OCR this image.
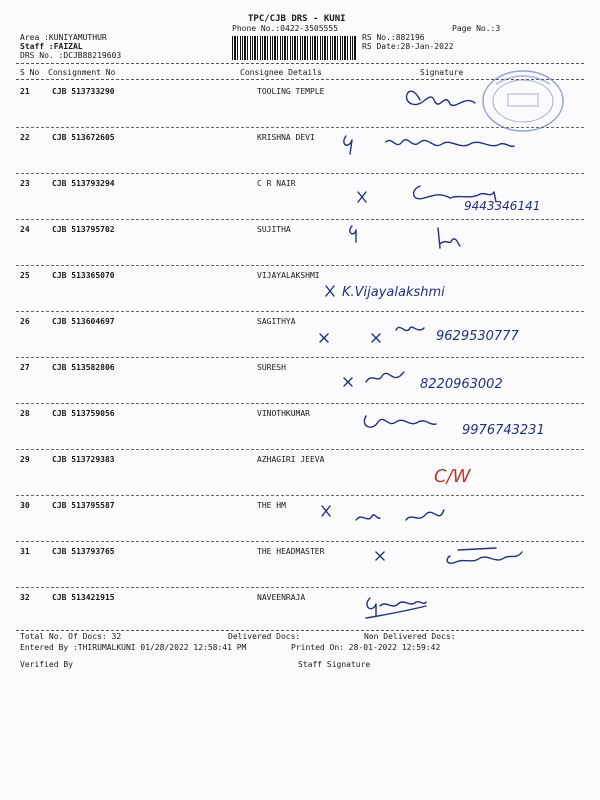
TPC/CJB DRS - KUNI
Phone No.:0422-3505555	Page No.:3
Area :KUNIYAMUTHUR
Staff :FAIZAL
DRS No. :DCJB88219603
RS No.:882196
RS Date:28-Jan-2022
S No Consignment No	Consignee Details	Signature
21	CJB 513733290	TOOLING TEMPLE
22	CJB 513672605	KRISHNA DEVI
23	CJB 513793294	C R NAIR
9443346141
24	CJB 513795702	SUJITHA
25	CJB 513365070	VIJAYALAKSHMI
K.Vijayalakshmi
26	CJB 513604697	SAGITHYA
9629530777
27	CJB 513582806	SURESH
8220963002
28	CJB 513759056	VINOTHKUMAR
9976743231
29	CJB 513729383	AZHAGIRI JEEVA
C/W
30	CJB 513795587	THE HM
31	CJB 513793765	THE HEADMASTER
32	CJB 513421915	NAVEENRAJA
Total No. Of Docs: 32	Delivered Docs:	Non Delivered Docs:
Entered By :THIRUMALKUNI 01/28/2022 12:58:41 PM	Printed On: 28-01-2022 12:59:42
Verified By	Staff Signature
